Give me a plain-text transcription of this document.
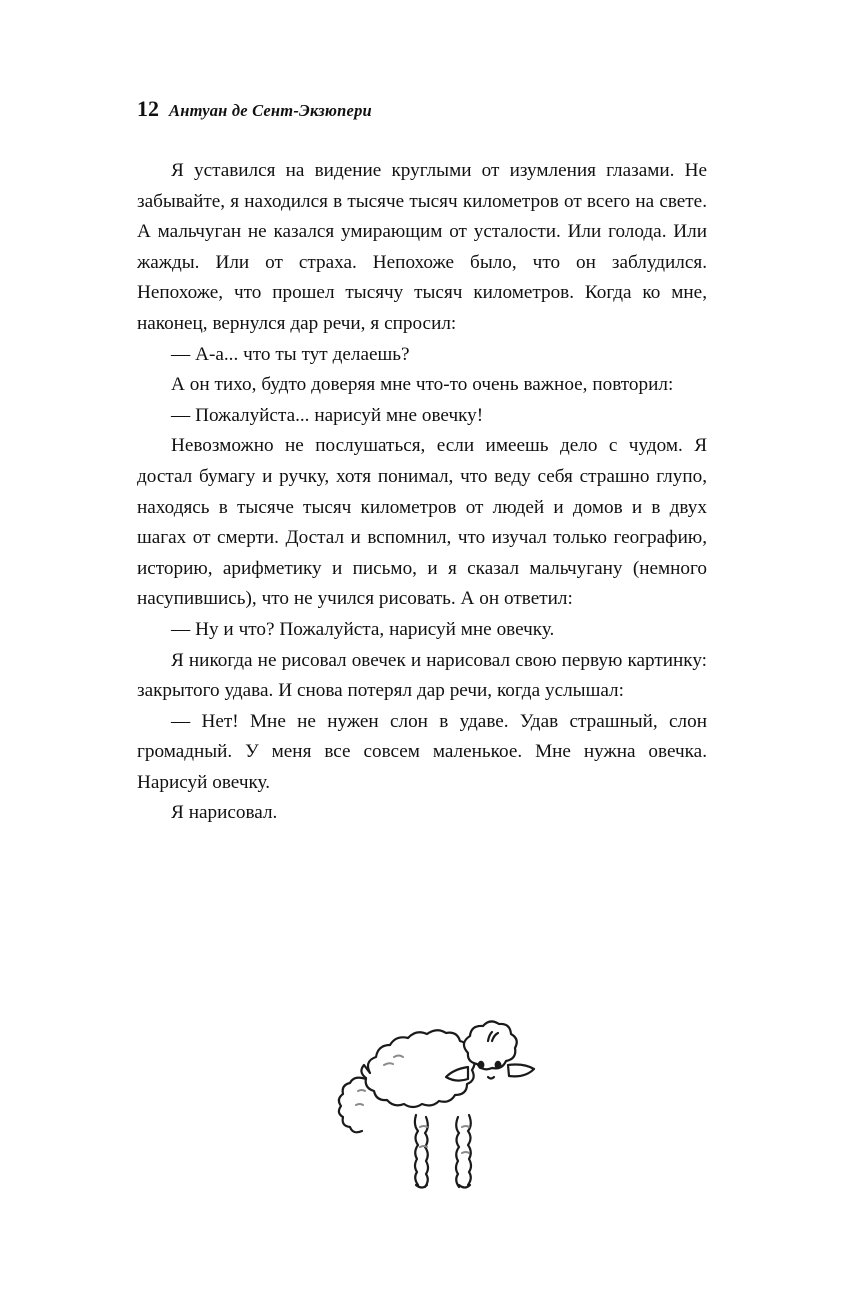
12 Антуан де Сент-Экзюпери

Я уставился на видение круглыми от изумления глазами. Не забывайте, я находился в тысяче тысяч километров от всего на свете. А мальчуган не казался умирающим от усталости. Или голода. Или жажды. Или от страха. Непохоже было, что он заблудился. Непохоже, что прошел тысячу тысяч километров. Когда ко мне, наконец, вернулся дар речи, я спросил:

— А-а... что ты тут делаешь?

А он тихо, будто доверяя мне что-то очень важное, повторил:

— Пожалуйста... нарисуй мне овечку!

Невозможно не послушаться, если имеешь дело с чудом. Я достал бумагу и ручку, хотя понимал, что веду себя страшно глупо, находясь в тысяче тысяч километров от людей и домов и в двух шагах от смерти. Достал и вспомнил, что изучал только географию, историю, арифметику и письмо, и я сказал мальчугану (немного насупившись), что не учился рисовать. А он ответил:

— Ну и что? Пожалуйста, нарисуй мне овечку.

Я никогда не рисовал овечек и нарисовал свою первую картинку: закрытого удава. И снова потерял дар речи, когда услышал:

— Нет! Мне не нужен слон в удаве. Удав страшный, слон громадный. У меня все совсем маленькое. Мне нужна овечка. Нарисуй овечку.

Я нарисовал.
